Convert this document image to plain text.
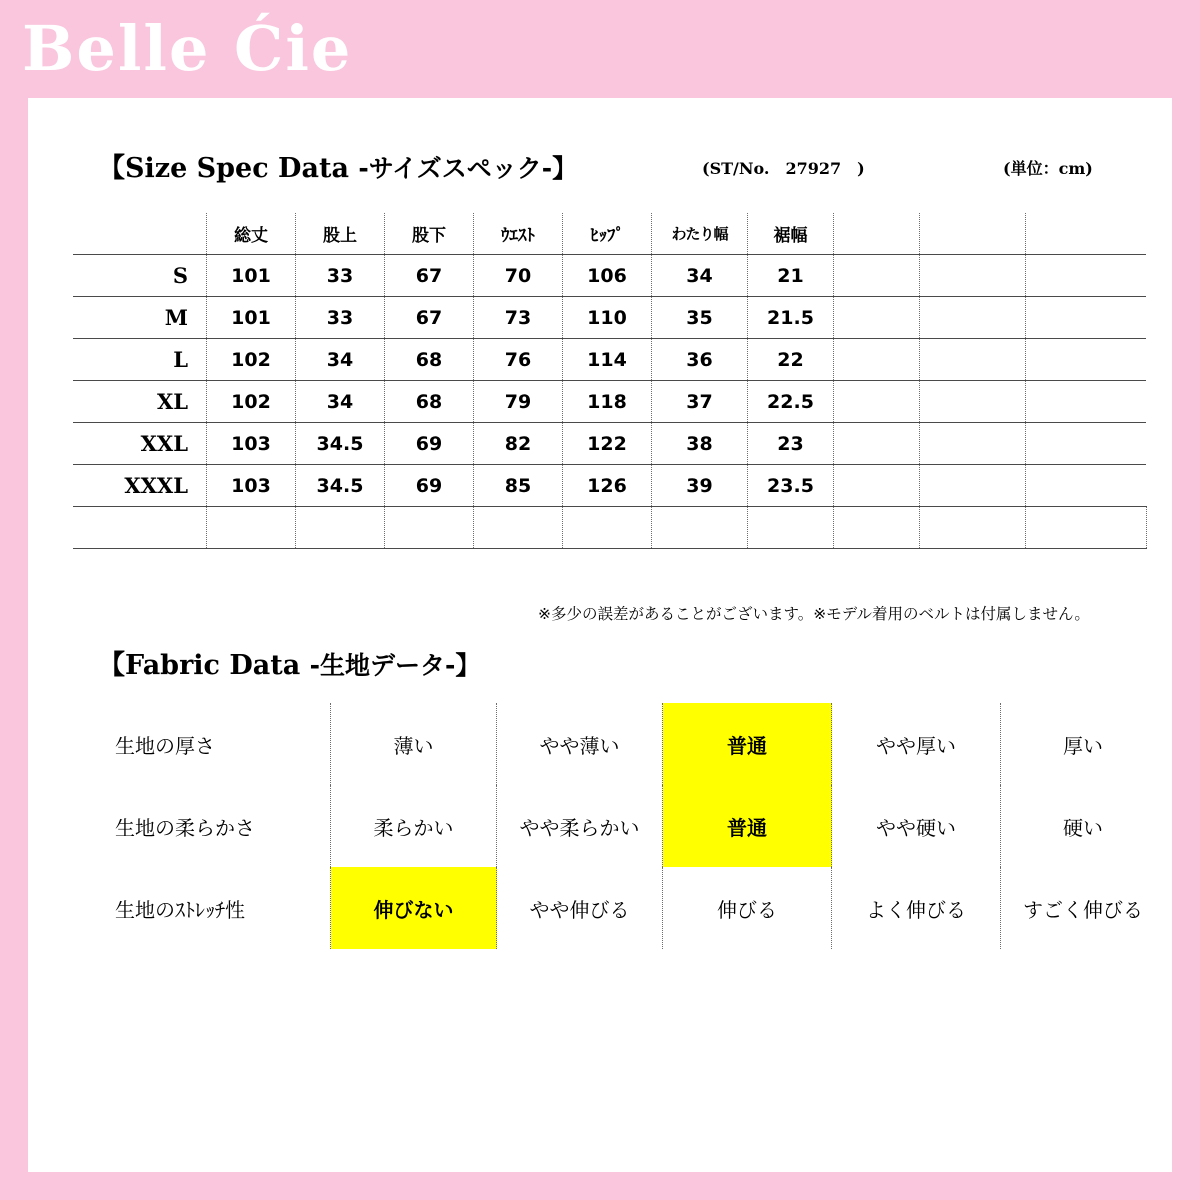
Belle Ćie
【Size Spec Data -サイズスペック-】	(ST/No.　27927　)	(単位：cm)
	総丈	股上	股下	ｳｴｽﾄ	ﾋｯﾌﾟ	わたり幅	裾幅			
S	101	33	67	70	106	34	21			
M	101	33	67	73	110	35	21.5			
L	102	34	68	76	114	36	22			
XL	102	34	68	79	118	37	22.5			
XXL	103	34.5	69	82	122	38	23			
XXXL	103	34.5	69	85	126	39	23.5			

※多少の誤差があることがございます。※モデル着用のベルトは付属しません。
【Fabric Data -生地データ-】
生地の厚さ	薄い	やや薄い	普通	やや厚い	厚い
生地の柔らかさ	柔らかい	やや柔らかい	普通	やや硬い	硬い
生地のｽﾄﾚｯﾁ性	伸びない	やや伸びる	伸びる	よく伸びる	すごく伸びる
